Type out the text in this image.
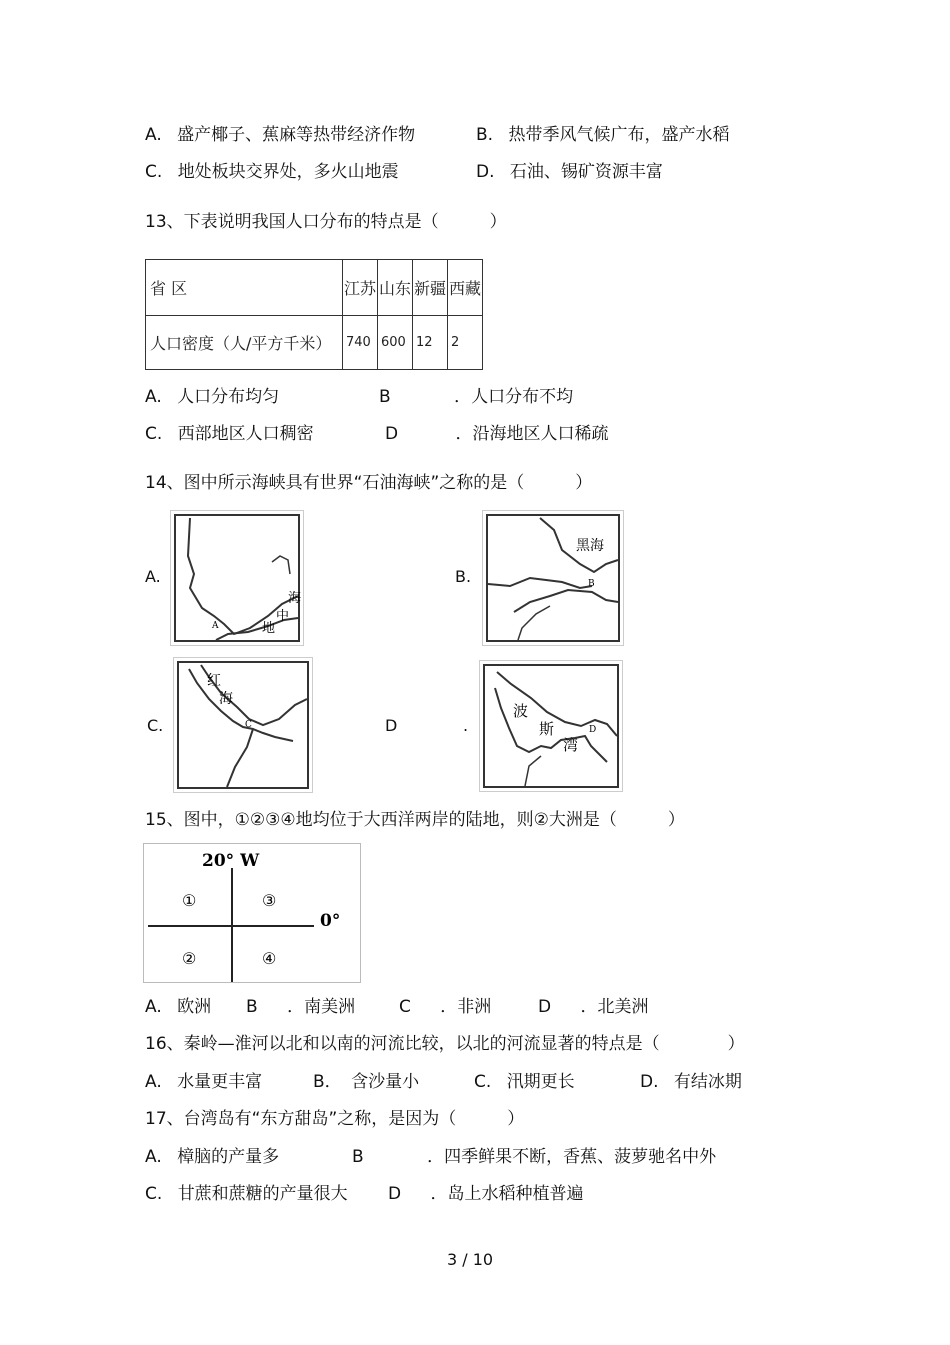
A. 盛产椰子、蕉麻等热带经济作物	B. 热带季风气候广布，盛产水稻
C. 地处板块交界处，多火山地震	D. 石油、锡矿资源丰富
13、下表说明我国人口分布的特点是（　　　）
省 区	江苏	山东	新疆	西藏
人口密度（人/平方千米）	740	600	12	2
A. 人口分布均匀	B	．人口分布不均
C. 西部地区人口稠密	D	．沿海地区人口稀疏
14、图中所示海峡具有世界“石油海峡”之称的是（　　　）
A.	B.
C.	D	.
海
中
地
A
黑海
B
红
海
C
波
斯
湾
D
15、图中，①②③④地均位于大西洋两岸的陆地，则②大洲是（　　　）
20° W
0°
①	③
②	④
A. 欧洲 B ．南美洲	C ．非洲	D ．北美洲
16、秦岭—淮河以北和以南的河流比较，以北的河流显著的特点是（　　　　）
A. 水量更丰富	B． 含沙量小	C. 汛期更长	D. 有结冰期
17、台湾岛有“东方甜岛”之称，是因为（　　　）
A. 樟脑的产量多	B	．四季鲜果不断，香蕉、菠萝驰名中外
C. 甘蔗和蔗糖的产量很大 D ．岛上水稻种植普遍
3 / 10
